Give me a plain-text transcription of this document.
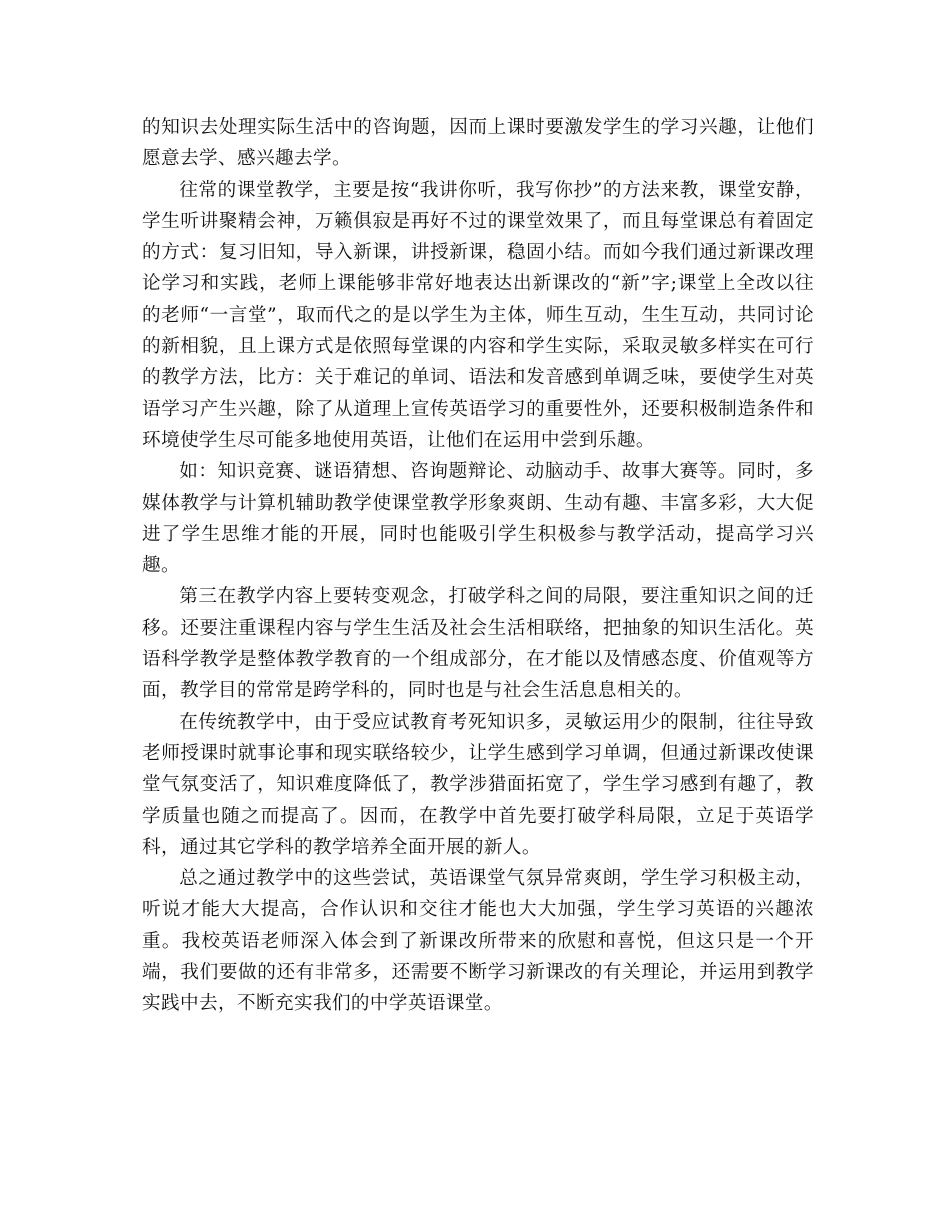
的知识去处理实际生活中的咨询题，因而上课时要激发学生的学习兴趣，让他们愿意去学、感兴趣去学。

往常的课堂教学，主要是按“我讲你听，我写你抄”的方法来教，课堂安静，学生听讲聚精会神，万籁俱寂是再好不过的课堂效果了，而且每堂课总有着固定的方式：复习旧知，导入新课，讲授新课，稳固小结。而如今我们通过新课改理论学习和实践，老师上课能够非常好地表达出新课改的“新”字;课堂上全改以往的老师“一言堂”，取而代之的是以学生为主体，师生互动，生生互动，共同讨论的新相貌，且上课方式是依照每堂课的内容和学生实际，采取灵敏多样实在可行的教学方法，比方：关于难记的单词、语法和发音感到单调乏味，要使学生对英语学习产生兴趣，除了从道理上宣传英语学习的重要性外，还要积极制造条件和环境使学生尽可能多地使用英语，让他们在运用中尝到乐趣。

如：知识竞赛、谜语猜想、咨询题辩论、动脑动手、故事大赛等。同时，多媒体教学与计算机辅助教学使课堂教学形象爽朗、生动有趣、丰富多彩，大大促进了学生思维才能的开展，同时也能吸引学生积极参与教学活动，提高学习兴趣。

第三在教学内容上要转变观念，打破学科之间的局限，要注重知识之间的迁移。还要注重课程内容与学生生活及社会生活相联络，把抽象的知识生活化。英语科学教学是整体教学教育的一个组成部分，在才能以及情感态度、价值观等方面，教学目的常常是跨学科的，同时也是与社会生活息息相关的。

在传统教学中，由于受应试教育考死知识多，灵敏运用少的限制，往往导致老师授课时就事论事和现实联络较少，让学生感到学习单调，但通过新课改使课堂气氛变活了，知识难度降低了，教学涉猎面拓宽了，学生学习感到有趣了，教学质量也随之而提高了。因而，在教学中首先要打破学科局限，立足于英语学科，通过其它学科的教学培养全面开展的新人。

总之通过教学中的这些尝试，英语课堂气氛异常爽朗，学生学习积极主动，听说才能大大提高，合作认识和交往才能也大大加强，学生学习英语的兴趣浓重。我校英语老师深入体会到了新课改所带来的欣慰和喜悦，但这只是一个开端，我们要做的还有非常多，还需要不断学习新课改的有关理论，并运用到教学实践中去，不断充实我们的中学英语课堂。
